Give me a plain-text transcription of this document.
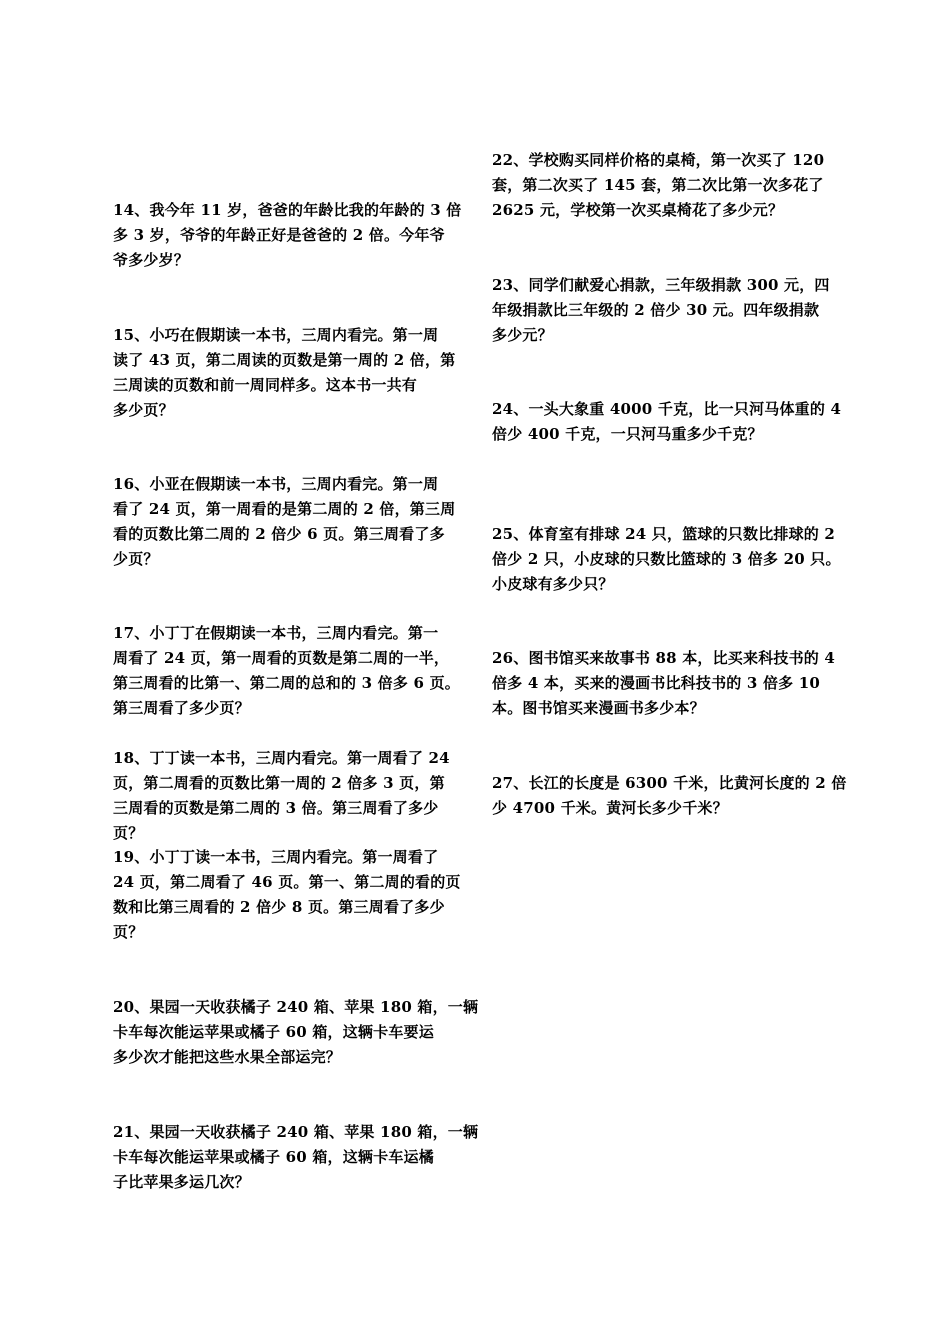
14、我今年 11 岁，爸爸的年龄比我的年龄的 3 倍
多 3 岁，爷爷的年龄正好是爸爸的 2 倍。今年爷
爷多少岁？

15、小巧在假期读一本书，三周内看完。第一周
读了 43 页，第二周读的页数是第一周的 2 倍，第
三周读的页数和前一周同样多。这本书一共有
多少页？

16、小亚在假期读一本书，三周内看完。第一周
看了 24 页，第一周看的是第二周的 2 倍，第三周
看的页数比第二周的 2 倍少 6 页。第三周看了多
少页？

17、小丁丁在假期读一本书，三周内看完。第一
周看了 24 页，第一周看的页数是第二周的一半，
第三周看的比第一、第二周的总和的 3 倍多 6 页。
第三周看了多少页？

18、丁丁读一本书，三周内看完。第一周看了 24
页，第二周看的页数比第一周的 2 倍多 3 页，第
三周看的页数是第二周的 3 倍。第三周看了多少
页？

19、小丁丁读一本书，三周内看完。第一周看了
24 页，第二周看了 46 页。第一、第二周的看的页
数和比第三周看的 2 倍少 8 页。第三周看了多少
页？

20、果园一天收获橘子 240 箱、苹果 180 箱，一辆
卡车每次能运苹果或橘子 60 箱，这辆卡车要运
多少次才能把这些水果全部运完？

21、果园一天收获橘子 240 箱、苹果 180 箱，一辆
卡车每次能运苹果或橘子 60 箱，这辆卡车运橘
子比苹果多运几次？

22、学校购买同样价格的桌椅，第一次买了 120
套，第二次买了 145 套，第二次比第一次多花了
2625 元，学校第一次买桌椅花了多少元？

23、同学们献爱心捐款，三年级捐款 300 元，四
年级捐款比三年级的 2 倍少 30 元。四年级捐款
多少元？

24、一头大象重 4000 千克，比一只河马体重的 4
倍少 400 千克，一只河马重多少千克？

25、体育室有排球 24 只，篮球的只数比排球的 2
倍少 2 只，小皮球的只数比篮球的 3 倍多 20 只。
小皮球有多少只？

26、图书馆买来故事书 88 本，比买来科技书的 4
倍多 4 本，买来的漫画书比科技书的 3 倍多 10
本。图书馆买来漫画书多少本？

27、长江的长度是 6300 千米，比黄河长度的 2 倍
少 4700 千米。黄河长多少千米？
